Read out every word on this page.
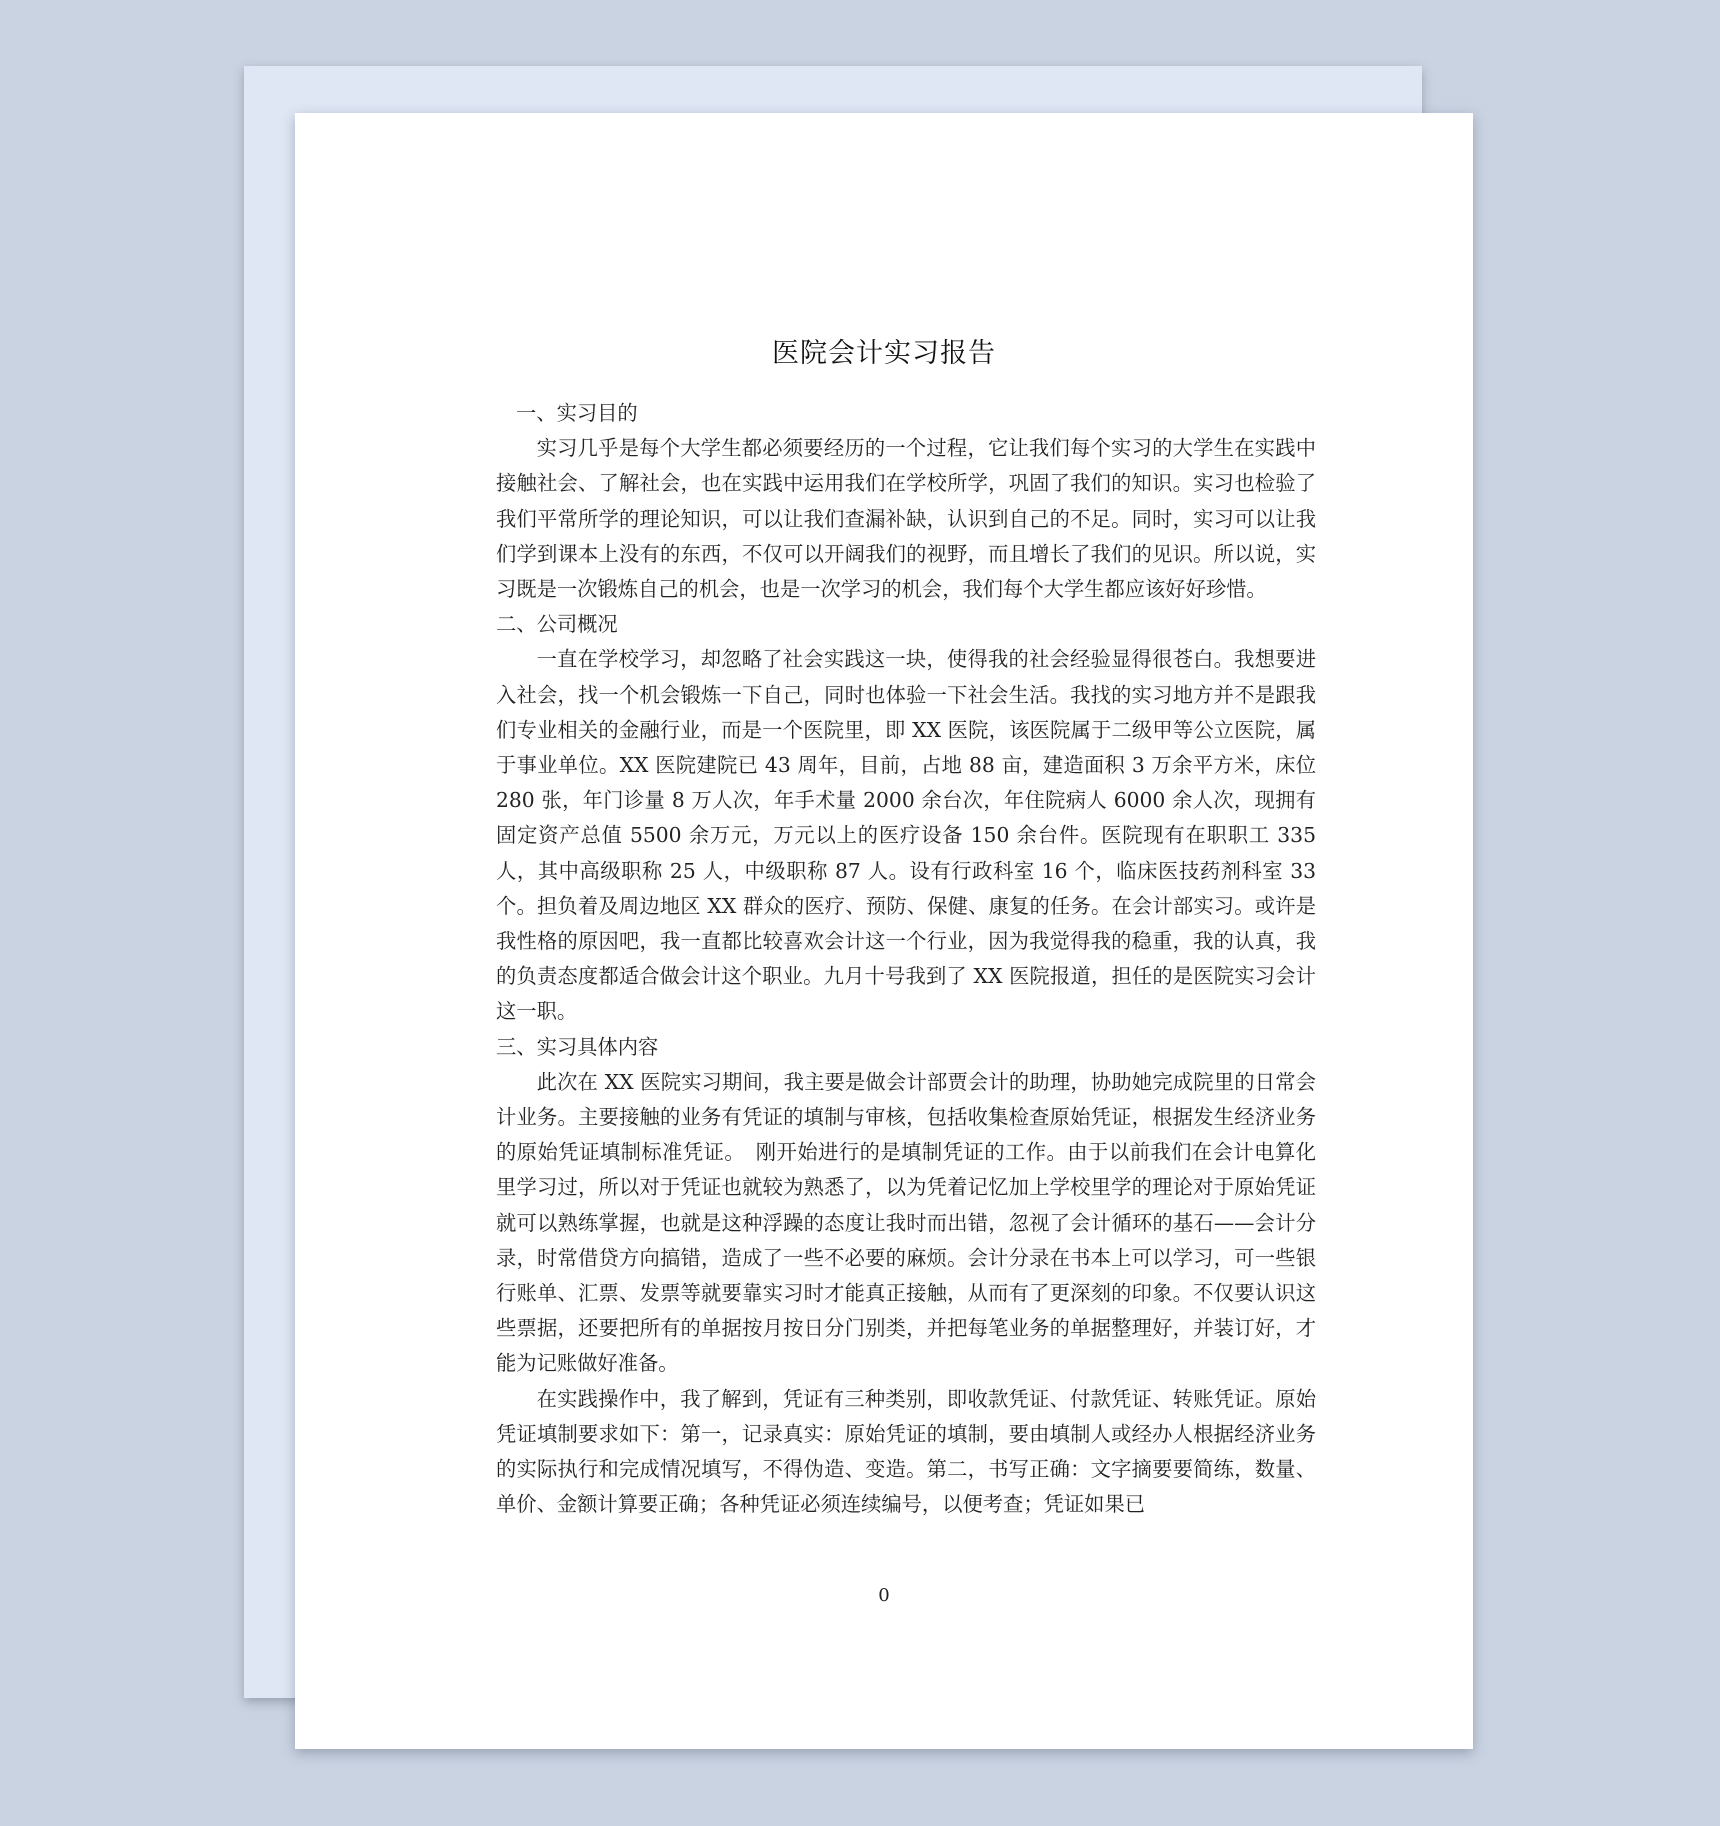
医院会计实习报告

一、实习目的

实习几乎是每个大学生都必须要经历的一个过程，它让我们每个实习的大学生在实践中接触社会、了解社会，也在实践中运用我们在学校所学，巩固了我们的知识。实习也检验了我们平常所学的理论知识，可以让我们查漏补缺，认识到自己的不足。同时，实习可以让我们学到课本上没有的东西，不仅可以开阔我们的视野，而且增长了我们的见识。所以说，实习既是一次锻炼自己的机会，也是一次学习的机会，我们每个大学生都应该好好珍惜。

二、公司概况

一直在学校学习，却忽略了社会实践这一块，使得我的社会经验显得很苍白。我想要进入社会，找一个机会锻炼一下自己，同时也体验一下社会生活。我找的实习地方并不是跟我们专业相关的金融行业，而是一个医院里，即 XX 医院，该医院属于二级甲等公立医院，属于事业单位。XX 医院建院已 43 周年，目前，占地 88 亩，建造面积 3 万余平方米，床位 280 张，年门诊量 8 万人次，年手术量 2000 余台次，年住院病人 6000 余人次，现拥有固定资产总值 5500 余万元，万元以上的医疗设备 150 余台件。医院现有在职职工 335 人，其中高级职称 25 人，中级职称 87 人。设有行政科室 16 个，临床医技药剂科室 33 个。担负着及周边地区 XX 群众的医疗、预防、保健、康复的任务。在会计部实习。或许是我性格的原因吧，我一直都比较喜欢会计这一个行业，因为我觉得我的稳重，我的认真，我的负责态度都适合做会计这个职业。九月十号我到了 XX 医院报道，担任的是医院实习会计这一职。

三、实习具体内容

此次在 XX 医院实习期间，我主要是做会计部贾会计的助理，协助她完成院里的日常会计业务。主要接触的业务有凭证的填制与审核，包括收集检查原始凭证，根据发生经济业务的原始凭证填制标准凭证。　刚开始进行的是填制凭证的工作。由于以前我们在会计电算化里学习过，所以对于凭证也就较为熟悉了，以为凭着记忆加上学校里学的理论对于原始凭证就可以熟练掌握，也就是这种浮躁的态度让我时而出错，忽视了会计循环的基石——会计分录，时常借贷方向搞错，造成了一些不必要的麻烦。会计分录在书本上可以学习，可一些银行账单、汇票、发票等就要靠实习时才能真正接触，从而有了更深刻的印象。不仅要认识这些票据，还要把所有的单据按月按日分门别类，并把每笔业务的单据整理好，并装订好，才能为记账做好准备。

在实践操作中，我了解到，凭证有三种类别，即收款凭证、付款凭证、转账凭证。原始凭证填制要求如下：第一，记录真实：原始凭证的填制，要由填制人或经办人根据经济业务的实际执行和完成情况填写，不得伪造、变造。第二，书写正确：文字摘要要简练，数量、单价、金额计算要正确；各种凭证必须连续编号，以便考查；凭证如果已

0
